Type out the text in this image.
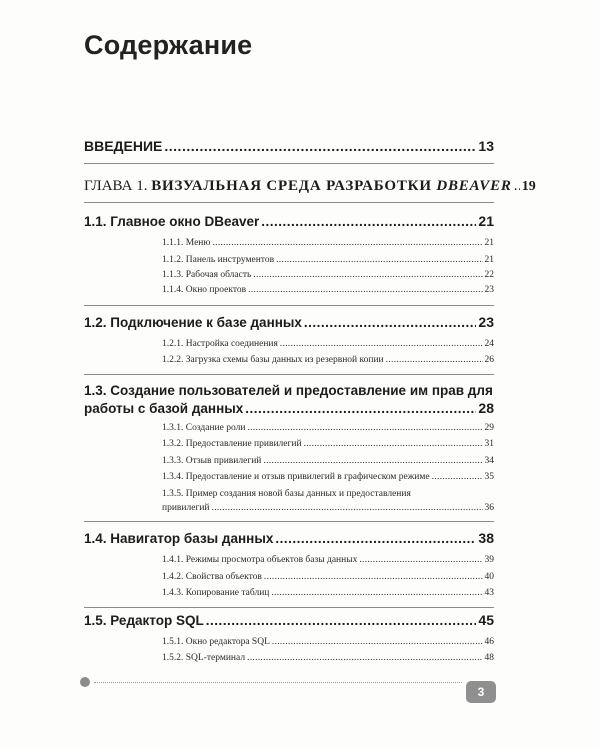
Содержание
ВВЕДЕНИЕ .....	13
ГЛАВА 1. ВИЗУАЛЬНАЯ СРЕДА РАЗРАБОТКИ DBEAVER ..... 19
1.1. Главное окно DBeaver .....	21
1.1.1. Меню .....	21
1.1.2. Панель инструментов .....	21
1.1.3. Рабочая область .....	22
1.1.4. Окно проектов .....	23
1.2. Подключение к базе данных .....	23
1.2.1. Настройка соединения .....	24
1.2.2. Загрузка схемы базы данных из резервной копии .....	26
1.3. Создание пользователей и предоставление им прав для
работы с базой данных .....	28
1.3.1. Создание роли .....	29
1.3.2. Предоставление привилегий .....	31
1.3.3. Отзыв привилегий .....	34
1.3.4. Предоставление и отзыв привилегий в графическом режиме .....	35
1.3.5. Пример создания новой базы данных и предоставления
привилегий .....	36
1.4. Навигатор базы данных .....	38
1.4.1. Режимы просмотра объектов базы данных .....	39
1.4.2. Свойства объектов .....	40
1.4.3. Копирование таблиц .....	43
1.5. Редактор SQL .....	45
1.5.1. Окно редактора SQL .....	46
1.5.2. SQL-терминал .....	48
3
